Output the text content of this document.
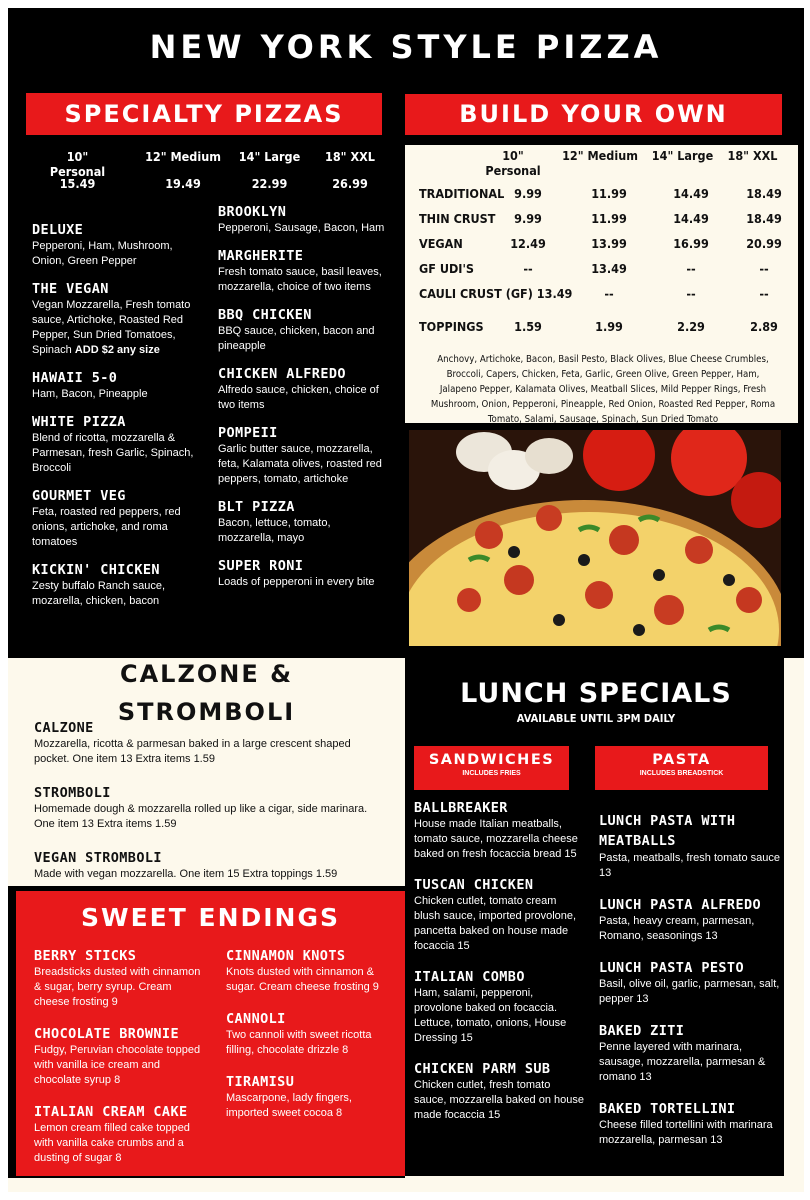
NEW YORK STYLE PIZZA
SPECIALTY PIZZAS
10" Personal
12" Medium	14" Large	18" XXL
15.49	19.49	22.99	26.99
DELUXE
Pepperoni, Ham, Mushroom, Onion, Green Pepper
THE VEGAN
Vegan Mozzarella, Fresh tomato sauce, Artichoke, Roasted Red Pepper, Sun Dried Tomatoes, Spinach ADD $2 any size
HAWAII 5-0
Ham, Bacon, Pineapple
WHITE PIZZA
Blend of ricotta, mozzarella & Parmesan, fresh Garlic, Spinach, Broccoli
GOURMET VEG
Feta, roasted red peppers, red onions, artichoke, and roma tomatoes
KICKIN' CHICKEN
Zesty buffalo Ranch sauce, mozarella, chicken, bacon
BROOKLYN
Pepperoni, Sausage, Bacon, Ham
MARGHERITE
Fresh tomato sauce, basil leaves, mozzarella, choice of two items
BBQ CHICKEN
BBQ sauce, chicken, bacon and pineapple
CHICKEN ALFREDO
Alfredo sauce, chicken, choice of two items
POMPEII
Garlic butter sauce, mozzarella, feta, Kalamata olives, roasted red peppers, tomato, artichoke
BLT PIZZA
Bacon, lettuce, tomato, mozzarella, mayo
SUPER RONI
Loads of pepperoni in every bite
BUILD YOUR OWN
10" Personal
12" Medium	14" Large	18" XXL
TRADITIONAL 9.99	11.99	14.49	18.49
THIN CRUST	9.99	11.99	14.49	18.49
VEGAN	12.49	13.99	16.99	20.99
GF UDI'S	--	13.49	--	--
CAULI CRUST (GF) 13.49	--	--	--
TOPPINGS	1.59	1.99	2.29	2.89
Anchovy, Artichoke, Bacon, Basil Pesto, Black Olives, Blue Cheese Crumbles, Broccoli, Capers, Chicken, Feta, Garlic, Green Olive, Green Pepper, Ham, Jalapeno Pepper, Kalamata Olives, Meatball Slices, Mild Pepper Rings, Fresh Mushroom, Onion, Pepperoni, Pineapple, Red Onion, Roasted Red Pepper, Roma Tomato, Salami, Sausage, Spinach, Sun Dried Tomato
CALZONE &
STROMBOLI
CALZONE
Mozzarella, ricotta & parmesan baked in a large crescent shaped pocket. One item 13 Extra items 1.59
STROMBOLI
Homemade dough & mozzarella rolled up like a cigar, side marinara. One item 13 Extra items 1.59
VEGAN STROMBOLI
Made with vegan mozzarella. One item 15 Extra toppings 1.59
SWEET ENDINGS
BERRY STICKS
Breadsticks dusted with cinnamon & sugar, berry syrup. Cream cheese frosting 9
CHOCOLATE BROWNIE
Fudgy, Peruvian chocolate topped with vanilla ice cream and chocolate syrup 8
ITALIAN CREAM CAKE
Lemon cream filled cake topped with vanilla cake crumbs and a dusting of sugar 8
CINNAMON KNOTS
Knots dusted with cinnamon & sugar. Cream cheese frosting 9
CANNOLI
Two cannoli with sweet ricotta filling, chocolate drizzle 8
TIRAMISU
Mascarpone, lady fingers, imported sweet cocoa 8
LUNCH SPECIALS
AVAILABLE UNTIL 3PM DAILY
SANDWICHES
INCLUDES FRIES
PASTA
INCLUDES BREADSTICK
BALLBREAKER
House made Italian meatballs, tomato sauce, mozzarella cheese baked on fresh focaccia bread 15
TUSCAN CHICKEN
Chicken cutlet, tomato cream blush sauce, imported provolone, pancetta baked on house made focaccia 15
ITALIAN COMBO
Ham, salami, pepperoni, provolone baked on focaccia. Lettuce, tomato, onions, House Dressing 15
CHICKEN PARM SUB
Chicken cutlet, fresh tomato sauce, mozzarella baked on house made focaccia 15
LUNCH PASTA WITH MEATBALLS
Pasta, meatballs, fresh tomato sauce 13
LUNCH PASTA ALFREDO
Pasta, heavy cream, parmesan, Romano, seasonings 13
LUNCH PASTA PESTO
Basil, olive oil, garlic, parmesan, salt, pepper 13
BAKED ZITI
Penne layered with marinara, sausage, mozzarella, parmesan & romano 13
BAKED TORTELLINI
Cheese filled tortellini with marinara mozzarella, parmesan 13
